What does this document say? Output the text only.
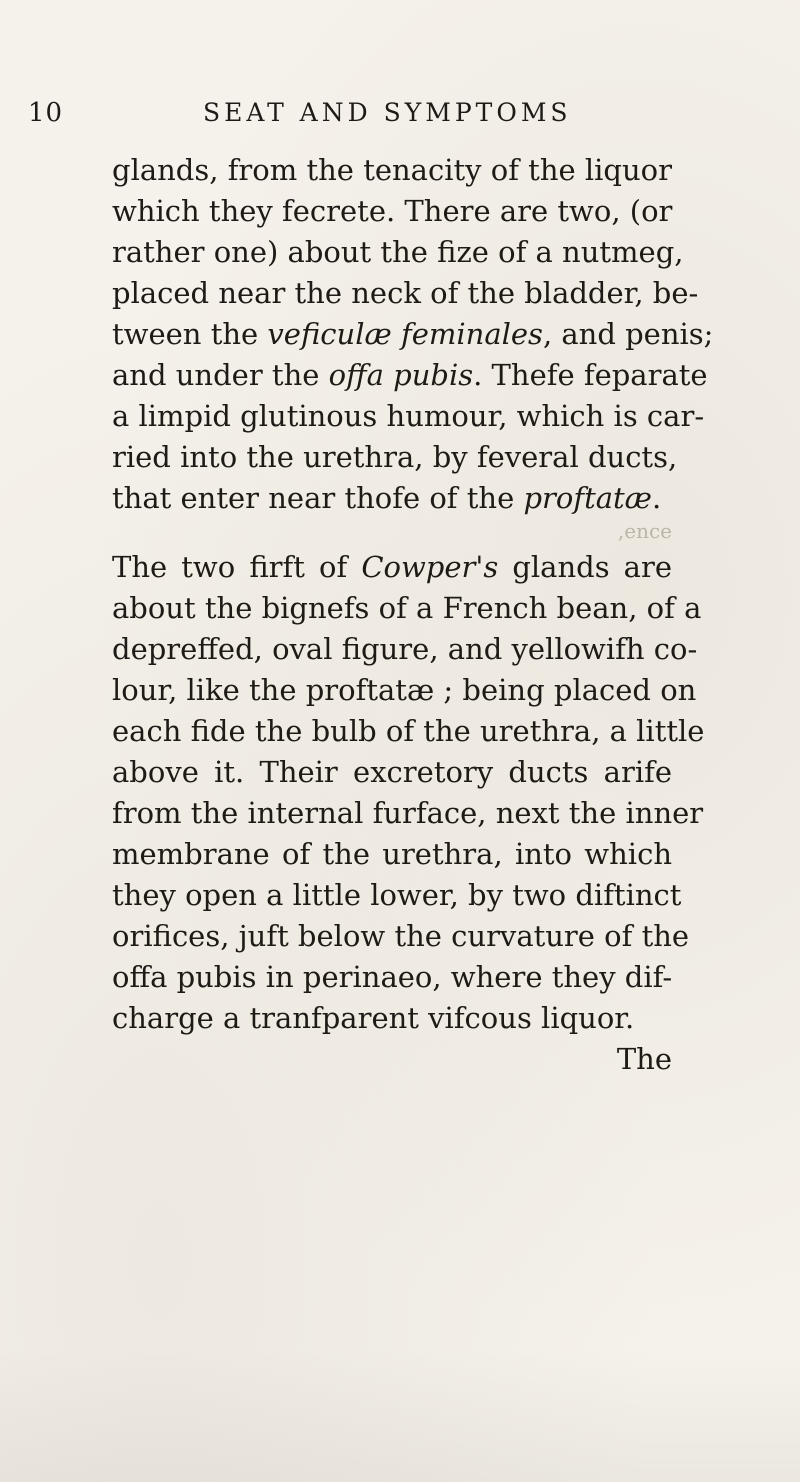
10	SEAT AND SYMPTOMS
glands, from the tenacity of the liquor
which they fecrete. There are two, (or
rather one) about the fize of a nutmeg,
placed near the neck of the bladder, be-
tween the veficulæ feminales, and penis;
and under the offa pubis. Thefe feparate
a limpid glutinous humour, which is car-
ried into the urethra, by feveral ducts,
that enter near thofe of the proftatæ.
,ence
The two firft of Cowper's glands are
about the bignefs of a French bean, of a
depreffed, oval figure, and yellowifh co-
lour, like the proftatæ ; being placed on
each fide the bulb of the urethra, a little
above it. Their excretory ducts arife
from the internal furface, next the inner
membrane of the urethra, into which
they open a little lower, by two diftinct
orifices, juft below the curvature of the
offa pubis in perinaeo, where they dif-
charge a tranfparent vifcous liquor.
The
